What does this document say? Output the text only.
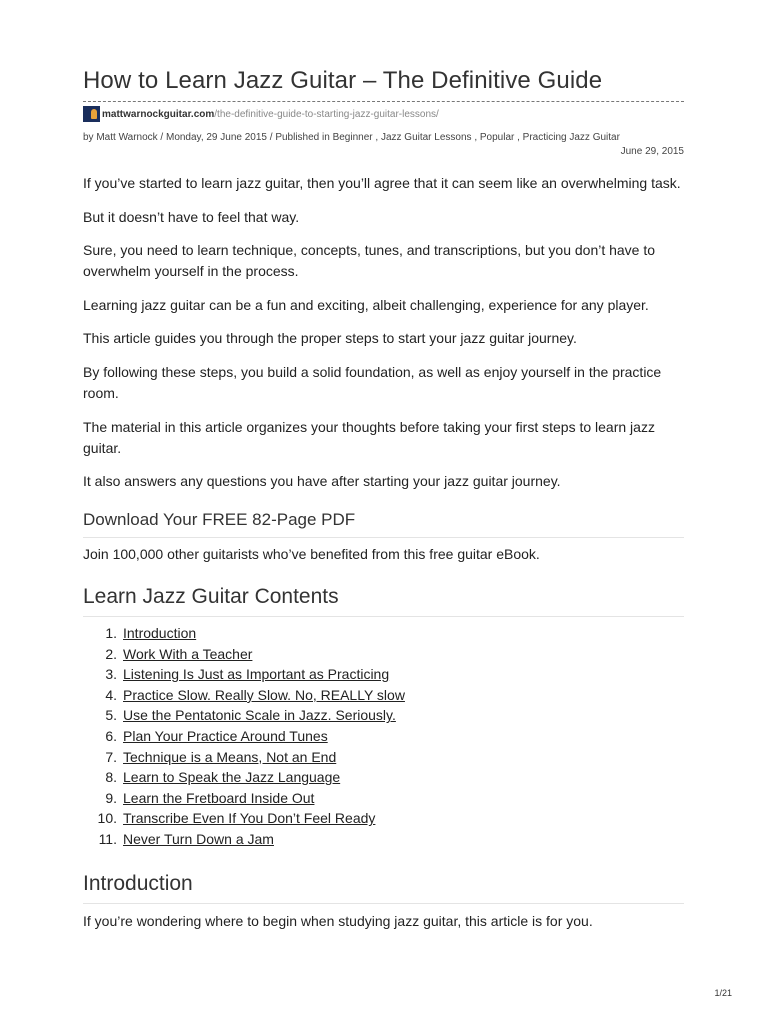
How to Learn Jazz Guitar – The Definitive Guide
mattwarnockguitar.com /the-definitive-guide-to-starting-jazz-guitar-lessons/
by Matt Warnock / Monday, 29 June 2015 / Published in Beginner , Jazz Guitar Lessons , Popular , Practicing Jazz Guitar
June 29, 2015

If you’ve started to learn jazz guitar, then you’ll agree that it can seem like an overwhelming task.

But it doesn’t have to feel that way.

Sure, you need to learn technique, concepts, tunes, and transcriptions, but you don’t have to overwhelm yourself in the process.

Learning jazz guitar can be a fun and exciting, albeit challenging, experience for any player.

This article guides you through the proper steps to start your jazz guitar journey.

By following these steps, you build a solid foundation, as well as enjoy yourself in the practice room.

The material in this article organizes your thoughts before taking your first steps to learn jazz guitar.

It also answers any questions you have after starting your jazz guitar journey.

Download Your FREE 82-Page PDF

Join 100,000 other guitarists who’ve benefited from this free guitar eBook.

Learn Jazz Guitar Contents
1. Introduction
2. Work With a Teacher
3. Listening Is Just as Important as Practicing
4. Practice Slow. Really Slow. No, REALLY slow
5. Use the Pentatonic Scale in Jazz. Seriously.
6. Plan Your Practice Around Tunes
7. Technique is a Means, Not an End
8. Learn to Speak the Jazz Language
9. Learn the Fretboard Inside Out
10. Transcribe Even If You Don’t Feel Ready
11. Never Turn Down a Jam
Introduction

If you’re wondering where to begin when studying jazz guitar, this article is for you.

1/21
